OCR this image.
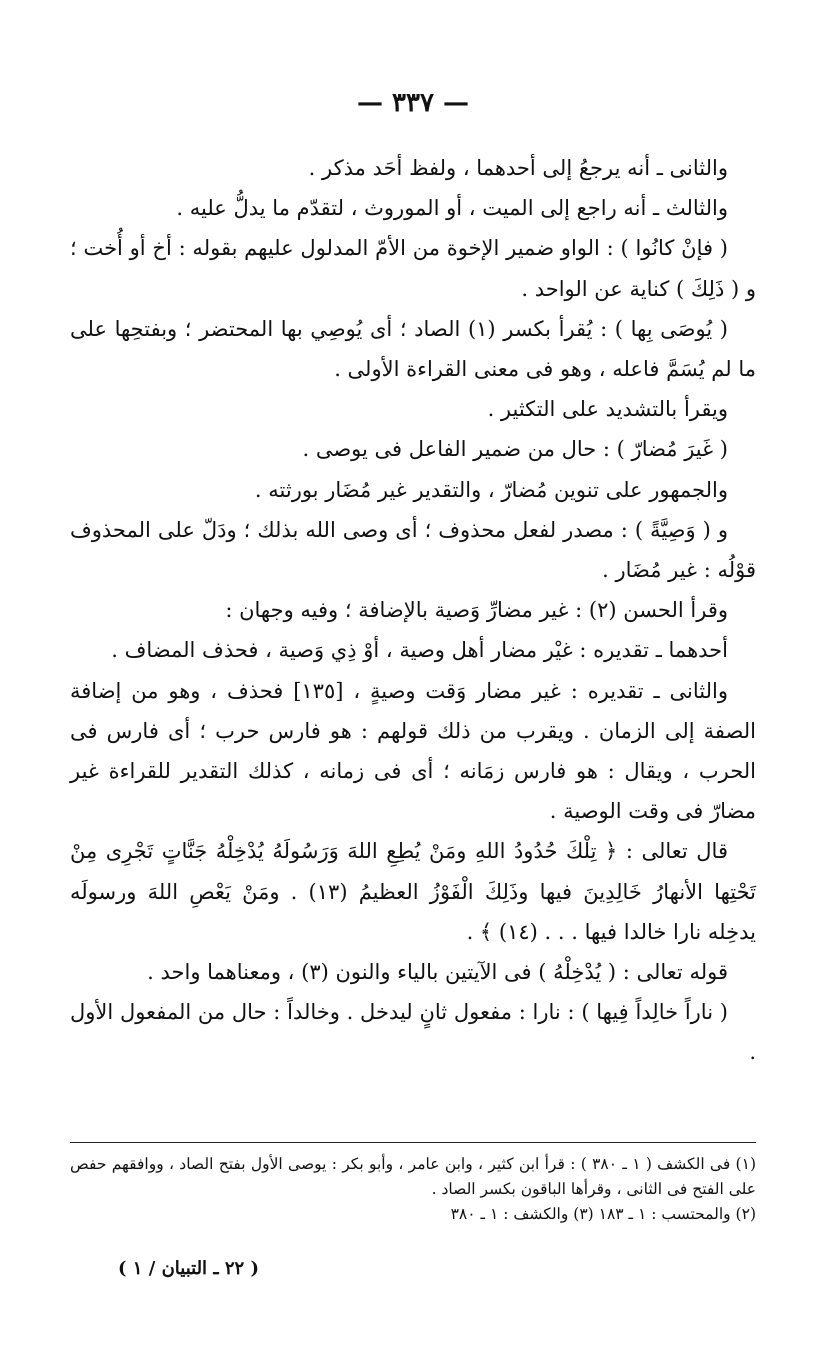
— ٣٣٧ —

والثانى ـ أنه يرجعُ إلى أحدهما ، ولفظ أحَد مذكر .

والثالث ـ أنه راجع إلى الميت ، أو الموروث ، لتقدّم ما يدلُّ عليه .

( فإنْ كانُوا ) : الواو ضمير الإخوة من الأمّ المدلول عليهم بقوله : أخ أو أُخت ؛ و ( ذَلِكَ ) كناية عن الواحد .

( يُوصَى بِها ) : يُقرأ بكسر (١) الصاد ؛ أى يُوصِي بها المحتضر ؛ وبفتحِها على ما لم يُسَمَّ فاعله ، وهو فى معنى القراءة الأولى .

ويقرأ بالتشديد على التكثير .

( غَيرَ مُضارّ ) : حال من ضمير الفاعل فى يوصى .

والجمهور على تنوين مُضارّ ، والتقدير غير مُضَار بورثته .

و ( وَصِيَّةً ) : مصدر لفعل محذوف ؛ أى وصى الله بذلك ؛ ودَلّ على المحذوف قوْلُه : غير مُضَار .

وقرأ الحسن (٢) : غير مضارِّ وَصية بالإضافة ؛ وفيه وجهان :

أحدهما ـ تقديره : غيْر مضار أهل وصية ، أوْ ذِي وَصية ، فحذف المضاف .

والثانى ـ تقديره : غير مضار وَقت وصيةٍ ، [١٣٥] فحذف ، وهو من إضافة الصفة إلى الزمان . ويقرب من ذلك قولهم : هو فارس حرب ؛ أى فارس فى الحرب ، ويقال : هو فارس زمَانه ؛ أى فى زمانه ، كذلك التقدير للقراءة غير مضارّ فى وقت الوصية .

قال تعالى : ﴿ تِلْكَ حُدُودُ اللهِ ومَنْ يُطِعِ اللهَ وَرَسُولَهُ يُدْخِلْهُ جَنَّاتٍ تَجْرِى مِنْ تَحْتِها الأنهارُ خَالِدِينَ فيها وذَلِكَ الْفَوْزُ العظيمُ (١٣) . ومَنْ يَعْصِ اللهَ ورسولَه يدخِله نارا خالدا فيها . . . (١٤) ﴾ .

قوله تعالى : ( يُدْخِلْهُ ) فى الآيتين بالياء والنون (٣) ، ومعناهما واحد .

( ناراً خالِداً فِيها ) : نارا : مفعول ثانٍ ليدخل . وخالداً : حال من المفعول الأول .

(١) فى الكشف ( ١ ـ ٣٨٠ ) : قرأ ابن كثير ، وابن عامر ، وأبو بكر : يوصى الأول بفتح الصاد ، ووافقهم حفص على الفتح فى الثانى ، وقرأها الباقون بكسر الصاد .

(٢) والمحتسب : ١ ـ ١٨٣ (٣) والكشف : ١ ـ ٣٨٠

( ٢٢ ـ التبيان / ١ )
